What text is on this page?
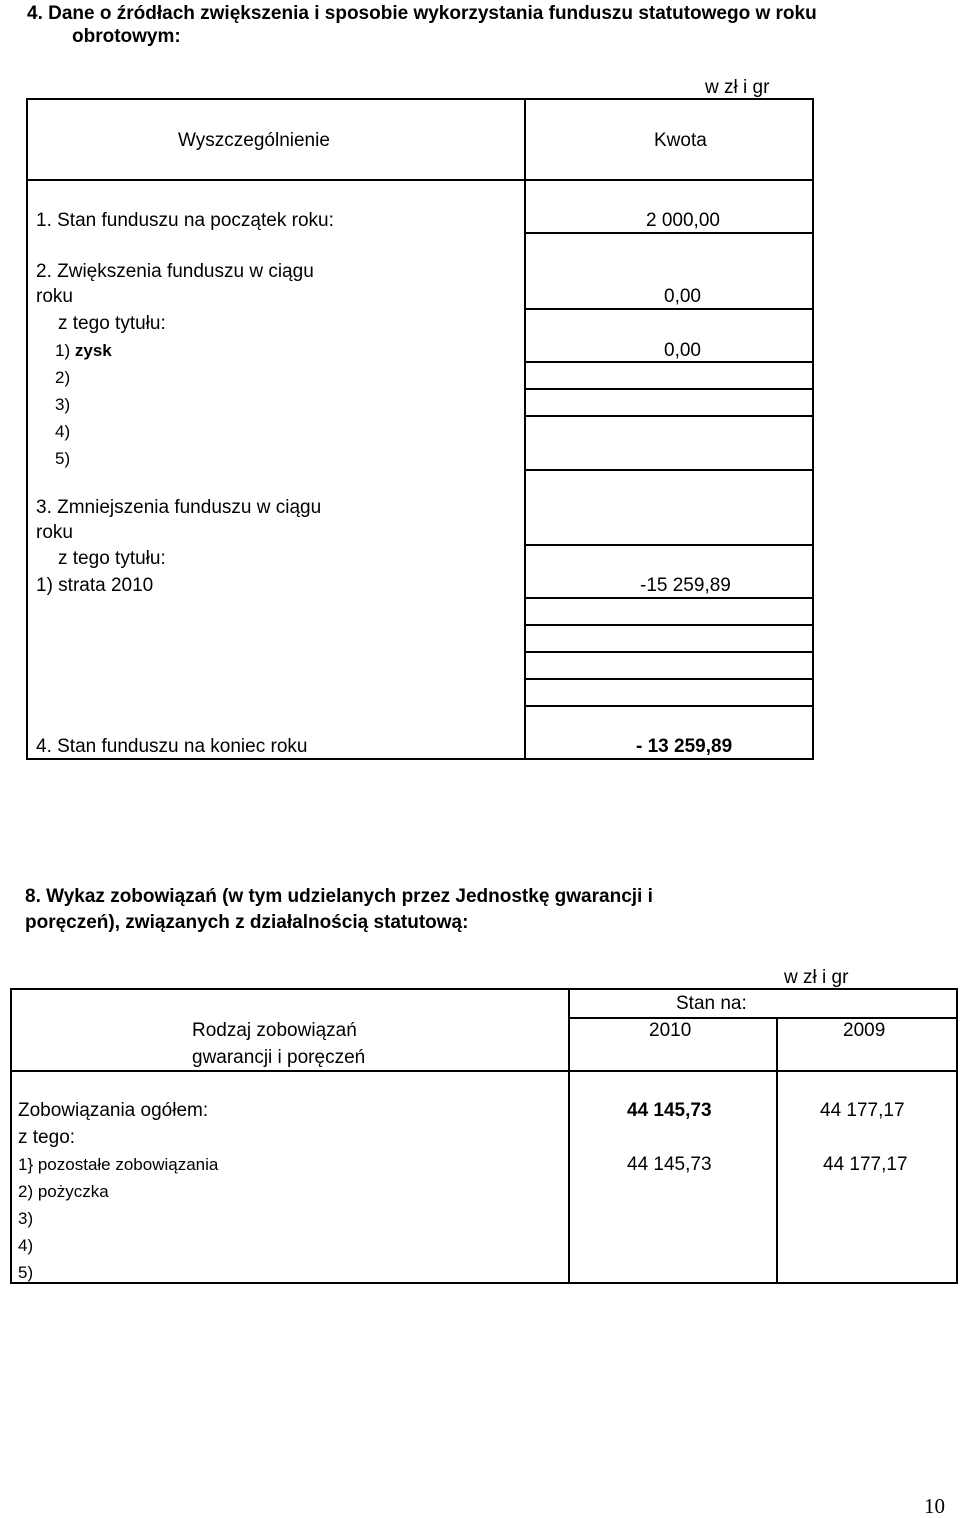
4. Dane o źródłach zwiększenia i sposobie wykorzystania funduszu statutowego w roku
obrotowym:
w zł i gr
Wyszczególnienie	Kwota
1. Stan funduszu na początek roku:	2 000,00
2. Zwiększenia funduszu w ciągu
roku	0,00
z tego tytułu:
1) zysk	0,00
2)
3)
4)
5)
3. Zmniejszenia funduszu w ciągu
roku
z tego tytułu:
1) strata 2010	-15 259,89
4. Stan funduszu na koniec roku	- 13 259,89
8. Wykaz zobowiązań (w tym udzielanych przez Jednostkę gwarancji i
poręczeń), związanych z działalnością statutową:
w zł i gr
Rodzaj zobowiązań
gwarancji i poręczeń
Stan na:
2010	2009
Zobowiązania ogółem:	44 145,73	44 177,17
z tego:
1} pozostałe zobowiązania	44 145,73	44 177,17
2) pożyczka
3)
4)
5)
10
